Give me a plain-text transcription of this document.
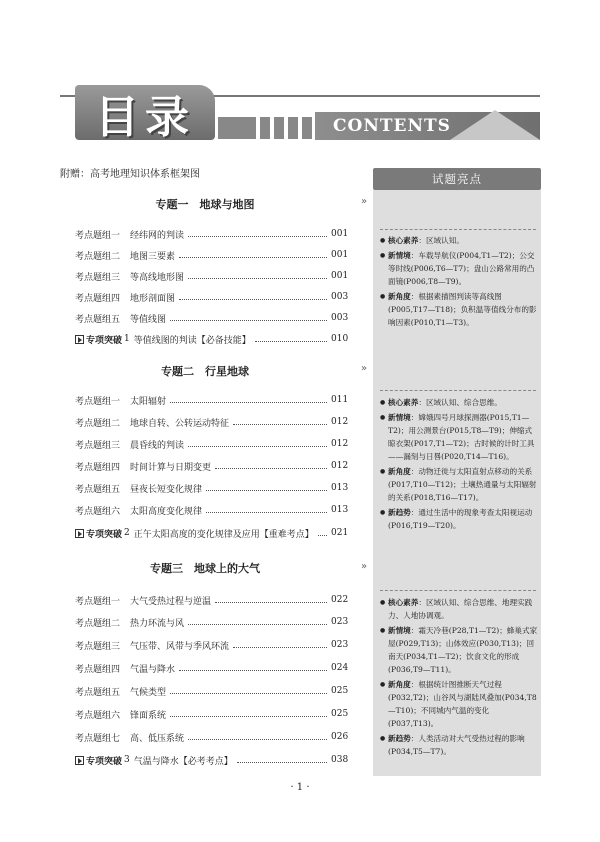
目录	CONTENTS
附赠：高考地理知识体系框架图	试题亮点
»
»
»
● 核心素养：区域认知。
● 新情境：车载导航仪(P004,T1—T2)；公交等时线(P006,T6—T7)；盘山公路常用的凸面镜(P006,T8—T9)。
● 新角度：根据素描图判读等高线图(P005,T17—T18)；负积温等值线分布的影响因素(P010,T1—T3)。
● 核心素养：区域认知、综合思维。
● 新情境：嫦娥四号月球探测器(P015,T1—T2)；用公测景台(P015,T8—T9)；伸缩式晾衣架(P017,T1—T2)；古时候的计时工具——漏刻与日晷(P020,T14—T16)。
● 新角度：动物迁徙与太阳直射点移动的关系(P017,T10—T12)；土壤热通量与太阳辐射的关系(P018,T16—T17)。
● 新趋势：通过生活中的现象考查太阳视运动(P016,T19—T20)。
● 核心素养：区域认知、综合思维、地理实践力、人地协调观。
● 新情境：霜天冷巷(P28,T1—T2)；蜂巢式家屋(P029,T13)；山体效应(P030,T13)；回南天(P034,T1—T2)；饮食文化的形成(P036,T9—T11)。
● 新角度：根据统计图推断天气过程(P032,T2)；山谷风与湖陆风叠加(P034,T8—T10)；不同城内气温的变化(P037,T13)。
● 新趋势：人类活动对大气受热过程的影响(P034,T5—T7)。
专题一　地球与地图
考点题组一	经纬网的判读	001
考点题组二	地图三要素	001
考点题组三	等高线地形图	001
考点题组四	地形剖面图	003
考点题组五	等值线图	003
专项突破 1 等值线图的判读 【必备技能】	010
专题二　行星地球
考点题组一	太阳辐射	011
考点题组二	地球自转、公转运动特征	012
考点题组三	晨昏线的判读	012
考点题组四	时间计算与日期变更	012
考点题组五	昼夜长短变化规律	013
考点题组六	太阳高度变化规律	013
专项突破 2 正午太阳高度的变化规律及应用 【重难考点】 021
专题三　地球上的大气
考点题组一	大气受热过程与逆温	022
考点题组二	热力环流与风	023
考点题组三	气压带、风带与季风环流	023
考点题组四	气温与降水	024
考点题组五	气候类型	025
考点题组六	锋面系统	025
考点题组七	高、低压系统	026
专项突破 3 气温与降水 【必考考点】	038
· 1 ·
